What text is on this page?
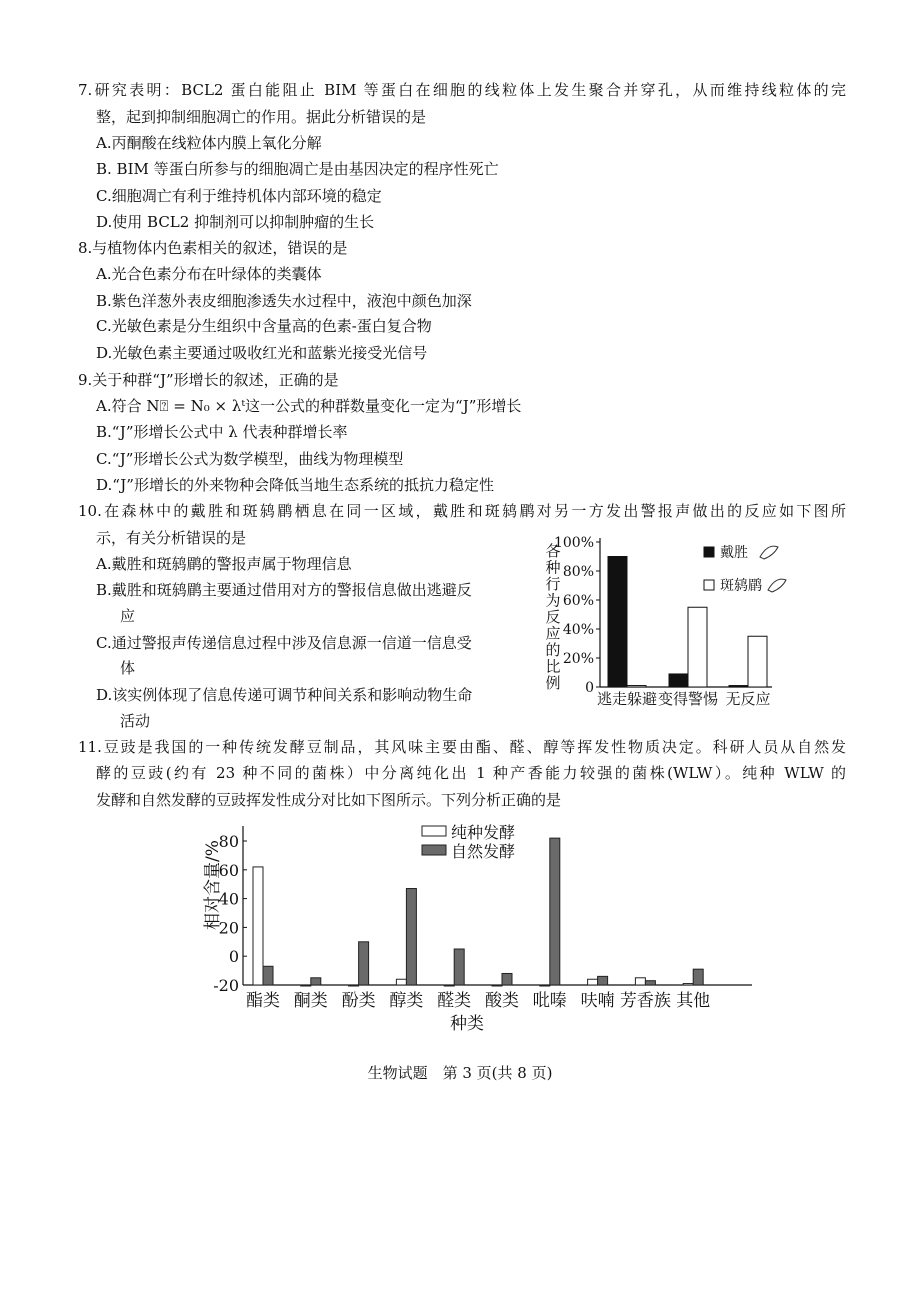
7.研究表明：BCL2 蛋白能阻止 BIM 等蛋白在细胞的线粒体上发生聚合并穿孔，从而维持线粒体的完
整，起到抑制细胞凋亡的作用。据此分析错误的是
A.丙酮酸在线粒体内膜上氧化分解
B. BIM 等蛋白所参与的细胞凋亡是由基因决定的程序性死亡
C.细胞凋亡有利于维持机体内部环境的稳定
D.使用 BCL2 抑制剂可以抑制肿瘤的生长
8.与植物体内色素相关的叙述，错误的是
A.光合色素分布在叶绿体的类囊体
B.紫色洋葱外表皮细胞渗透失水过程中，液泡中颜色加深
C.光敏色素是分生组织中含量高的色素-蛋白复合物
D.光敏色素主要通过吸收红光和蓝紫光接受光信号
9.关于种群“J”形增长的叙述，正确的是
A.符合 N⍰ = N₀ × λᵗ这一公式的种群数量变化一定为“J”形增长
B.“J”形增长公式中 λ 代表种群增长率
C.“J”形增长公式为数学模型，曲线为物理模型
D.“J”形增长的外来物种会降低当地生态系统的抵抗力稳定性
10.在森林中的戴胜和斑鸫鹛栖息在同一区域，戴胜和斑鸫鹛对另一方发出警报声做出的反应如下图所
示，有关分析错误的是
A.戴胜和斑鸫鹛的警报声属于物理信息
B.戴胜和斑鸫鹛主要通过借用对方的警报信息做出逃避反
应
C.通过警报声传递信息过程中涉及信息源一信道一信息受
体
D.该实例体现了信息传递可调节种间关系和影响动物生命
活动
11.豆豉是我国的一种传统发酵豆制品，其风味主要由酯、醛、醇等挥发性物质决定。科研人员从自然发
酵的豆豉(约有 23 种不同的菌株）中分离纯化出 1 种产香能力较强的菌株(WLW）。纯种 WLW 的
发酵和自然发酵的豆豉挥发性成分对比如下图所示。下列分析正确的是
0
20%
40%
60%
80%
100%
各
种
行
为
反
应
的
比
例
逃走躲避 变得警惕 无反应
戴胜
斑鸫鹛
-20
0
20
40
60
80
相对含量/%
酯类 酮类 酚类 醇类 醛类 酸类 吡嗪 呋喃 芳香族 其他
种类
纯种发酵
自然发酵
生物试题　第 3 页(共 8 页)
